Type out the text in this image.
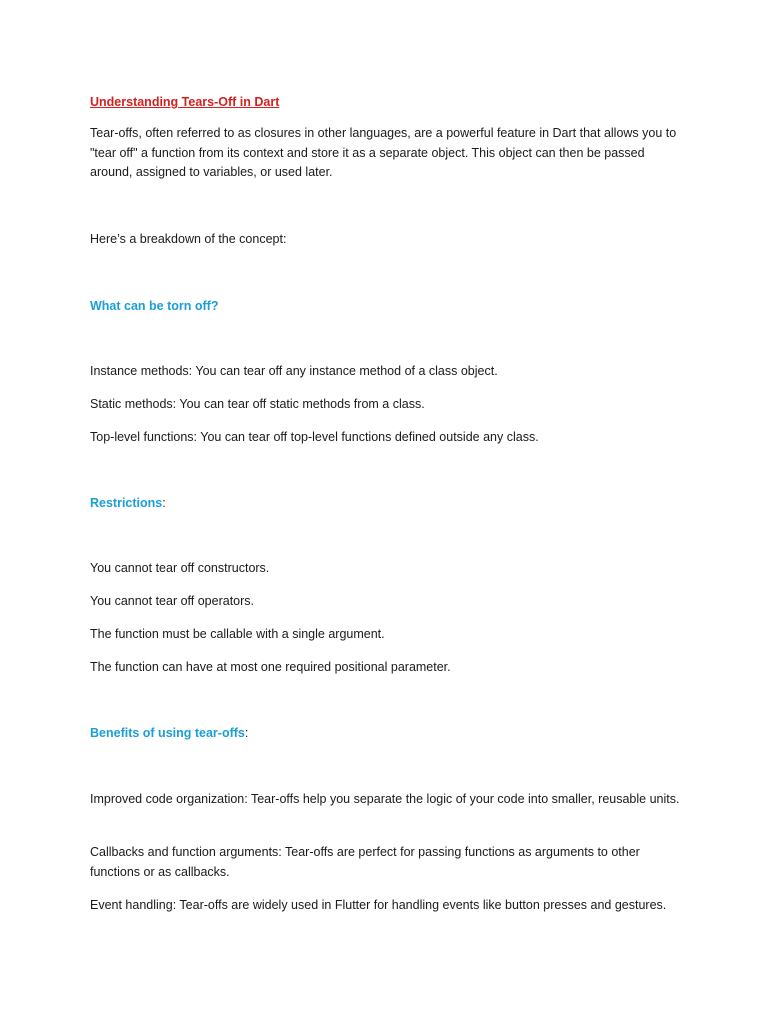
Understanding Tears-Off in Dart

Tear-offs, often referred to as closures in other languages, are a powerful feature in Dart that allows you to "tear off" a function from its context and store it as a separate object. This object can then be passed around, assigned to variables, or used later.

Here’s a breakdown of the concept:

What can be torn off?

Instance methods: You can tear off any instance method of a class object.

Static methods: You can tear off static methods from a class.

Top-level functions: You can tear off top-level functions defined outside any class.

Restrictions:

You cannot tear off constructors.

You cannot tear off operators.

The function must be callable with a single argument.

The function can have at most one required positional parameter.

Benefits of using tear-offs:

Improved code organization: Tear-offs help you separate the logic of your code into smaller, reusable units.

Callbacks and function arguments: Tear-offs are perfect for passing functions as arguments to other functions or as callbacks.

Event handling: Tear-offs are widely used in Flutter for handling events like button presses and gestures.
